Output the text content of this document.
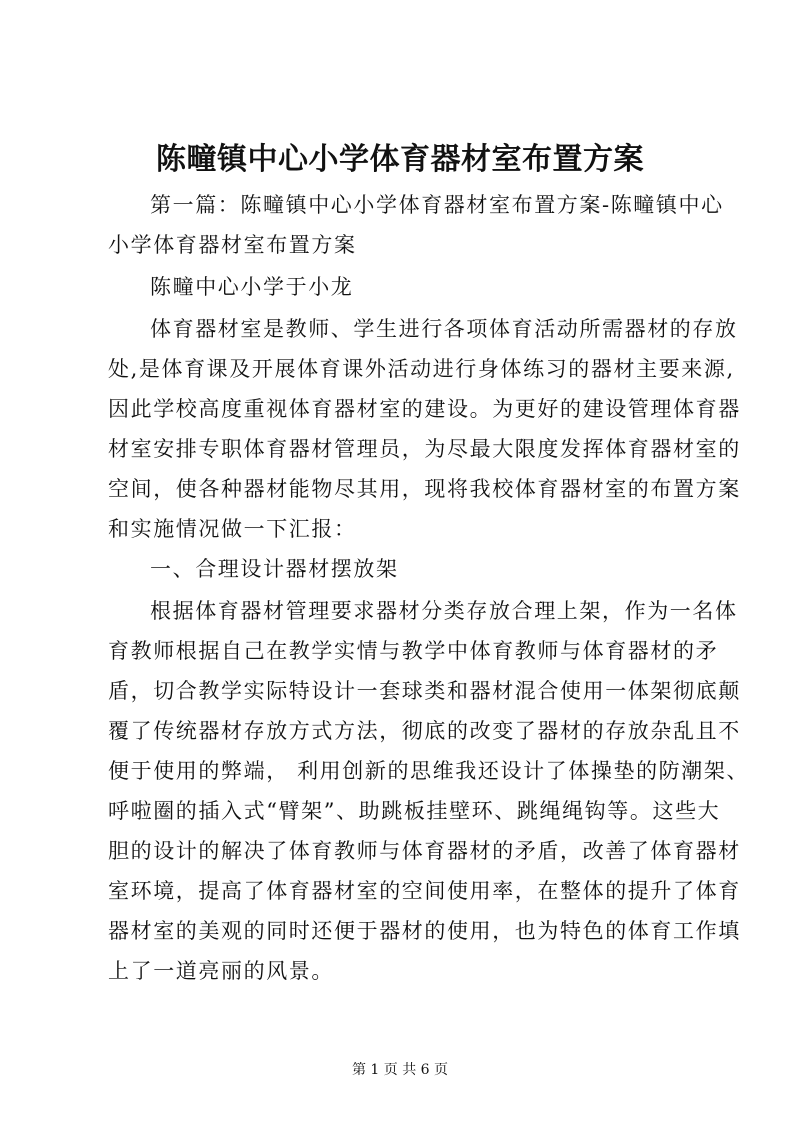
陈疃镇中心小学体育器材室布置方案
第一篇：陈疃镇中心小学体育器材室布置方案-陈疃镇中心
小学体育器材室布置方案
陈疃中心小学于小龙
体育器材室是教师、学生进行各项体育活动所需器材的存放
处,是体育课及开展体育课外活动进行身体练习的器材主要来源,
因此学校高度重视体育器材室的建设。为更好的建设管理体育器
材室安排专职体育器材管理员，为尽最大限度发挥体育器材室的
空间，使各种器材能物尽其用，现将我校体育器材室的布置方案
和实施情况做一下汇报：
一、合理设计器材摆放架
根据体育器材管理要求器材分类存放合理上架，作为一名体
育教师根据自己在教学实情与教学中体育教师与体育器材的矛
盾，切合教学实际特设计一套球类和器材混合使用一体架彻底颠
覆了传统器材存放方式方法，彻底的改变了器材的存放杂乱且不
便于使用的弊端， 利用创新的思维我还设计了体操垫的防潮架、
呼啦圈的插入式“臂架”、助跳板挂壁环、跳绳绳钩等。这些大
胆的设计的解决了体育教师与体育器材的矛盾，改善了体育器材
室环境，提高了体育器材室的空间使用率，在整体的提升了体育
器材室的美观的同时还便于器材的使用，也为特色的体育工作填
上了一道亮丽的风景。
第 1 页 共 6 页
